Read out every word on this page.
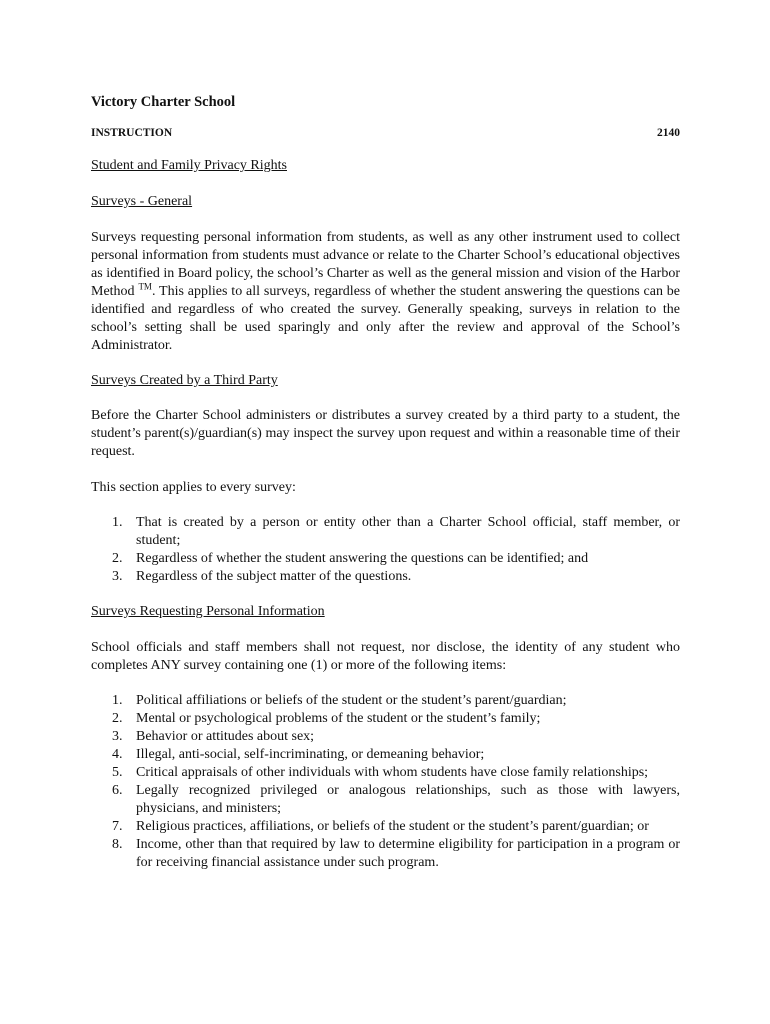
Victory Charter School
INSTRUCTION	2140
Student and Family Privacy Rights
Surveys - General
Surveys requesting personal information from students, as well as any other instrument used to collect personal information from students must advance or relate to the Charter School’s educational objectives as identified in Board policy, the school’s Charter as well as the general mission and vision of the Harbor Method ™. This applies to all surveys, regardless of whether the student answering the questions can be identified and regardless of who created the survey. Generally speaking, surveys in relation to the school’s setting shall be used sparingly and only after the review and approval of the School’s Administrator.
Surveys Created by a Third Party
Before the Charter School administers or distributes a survey created by a third party to a student, the student’s parent(s)/guardian(s) may inspect the survey upon request and within a reasonable time of their request.
This section applies to every survey:
1. That is created by a person or entity other than a Charter School official, staff member, or student;
2. Regardless of whether the student answering the questions can be identified; and
3. Regardless of the subject matter of the questions.
Surveys Requesting Personal Information
School officials and staff members shall not request, nor disclose, the identity of any student who completes ANY survey containing one (1) or more of the following items:
1. Political affiliations or beliefs of the student or the student’s parent/guardian;
2. Mental or psychological problems of the student or the student’s family;
3. Behavior or attitudes about sex;
4. Illegal, anti-social, self-incriminating, or demeaning behavior;
5. Critical appraisals of other individuals with whom students have close family relationships;
6. Legally recognized privileged or analogous relationships, such as those with lawyers, physicians, and ministers;
7. Religious practices, affiliations, or beliefs of the student or the student’s parent/guardian; or
8. Income, other than that required by law to determine eligibility for participation in a program or for receiving financial assistance under such program.
